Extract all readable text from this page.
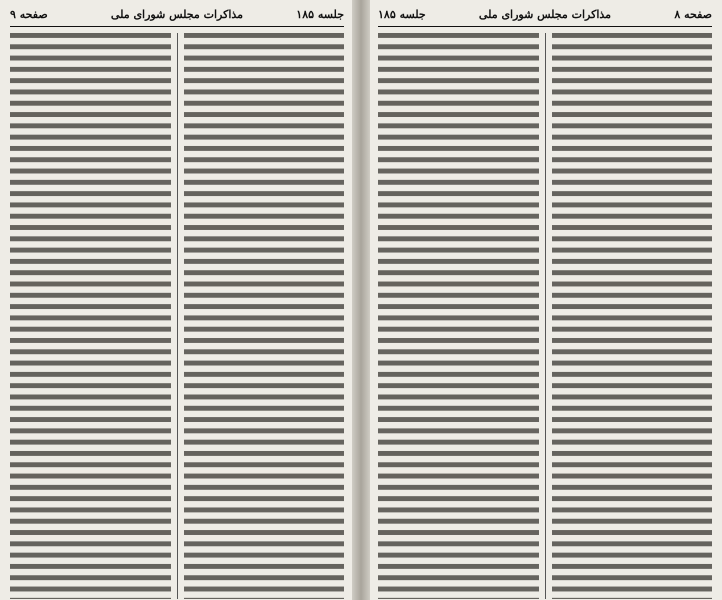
جلسه ۱۸۵
مذاکرات مجلس شورای ملی
صفحه ۹	صفحه ۸
مذاکرات مجلس شورای ملی
جلسه ۱۸۵
